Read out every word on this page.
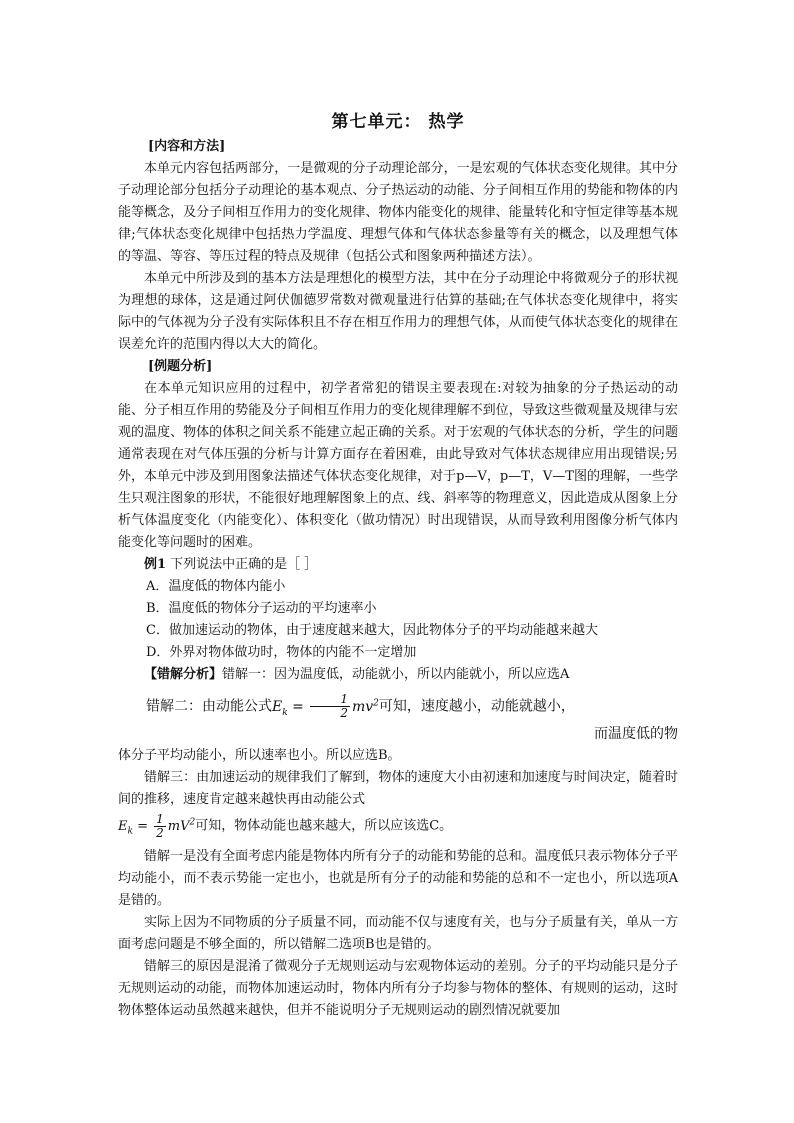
第七单元： 热学

[内容和方法]

本单元内容包括两部分，一是微观的分子动理论部分，一是宏观的气体状态变化规律。其中分子动理论部分包括分子动理论的基本观点、分子热运动的动能、分子间相互作用的势能和物体的内能等概念，及分子间相互作用力的变化规律、物体内能变化的规律、能量转化和守恒定律等基本规律;气体状态变化规律中包括热力学温度、理想气体和气体状态参量等有关的概念，以及理想气体的等温、等容、等压过程的特点及规律（包括公式和图象两种描述方法）。

本单元中所涉及到的基本方法是理想化的模型方法，其中在分子动理论中将微观分子的形状视为理想的球体，这是通过阿伏伽德罗常数对微观量进行估算的基础;在气体状态变化规律中，将实际中的气体视为分子没有实际体积且不存在相互作用力的理想气体，从而使气体状态变化的规律在误差允许的范围内得以大大的简化。

[例题分析]

在本单元知识应用的过程中，初学者常犯的错误主要表现在:对较为抽象的分子热运动的动能、分子相互作用的势能及分子间相互作用力的变化规律理解不到位，导致这些微观量及规律与宏观的温度、物体的体积之间关系不能建立起正确的关系。对于宏观的气体状态的分析，学生的问题通常表现在对气体压强的分析与计算方面存在着困难，由此导致对气体状态规律应用出现错误;另外，本单元中涉及到用图象法描述气体状态变化规律，对于p—V，p—T，V—T图的理解，一些学生只观注图象的形状，不能很好地理解图象上的点、线、斜率等的物理意义，因此造成从图象上分析气体温度变化（内能变化）、体积变化（做功情况）时出现错误，从而导致利用图像分析气体内能变化等问题时的困难。

例1 下列说法中正确的是［ ］

A．温度低的物体内能小

B．温度低的物体分子运动的平均速率小

C．做加速运动的物体，由于速度越来越大，因此物体分子的平均动能越来越大

D．外界对物体做功时，物体的内能不一定增加

【错解分析】错解一：因为温度低，动能就小，所以内能就小，所以应选A

错解二：由动能公式$E_k = \frac{1}{2} mv^2$可知，速度越小，动能就越小，
而温度低的物

体分子平均动能小，所以速率也小。所以应选B。

错解三：由加速运动的规律我们了解到，物体的速度大小由初速和加速度与时间决定，随着时间的推移，速度肯定越来越快再由动能公式

$E_k = \frac{1}{2} mV^2$可知，物体动能也越来越大，所以应该选C。

错解一是没有全面考虑内能是物体内所有分子的动能和势能的总和。温度低只表示物体分子平均动能小，而不表示势能一定也小，也就是所有分子的动能和势能的总和不一定也小，所以选项A是错的。

实际上因为不同物质的分子质量不同，而动能不仅与速度有关，也与分子质量有关，单从一方面考虑问题是不够全面的，所以错解二选项B也是错的。

错解三的原因是混淆了微观分子无规则运动与宏观物体运动的差别。分子的平均动能只是分子无规则运动的动能，而物体加速运动时，物体内所有分子均参与物体的整体、有规则的运动，这时物体整体运动虽然越来越快，但并不能说明分子无规则运动的剧烈情况就要加
